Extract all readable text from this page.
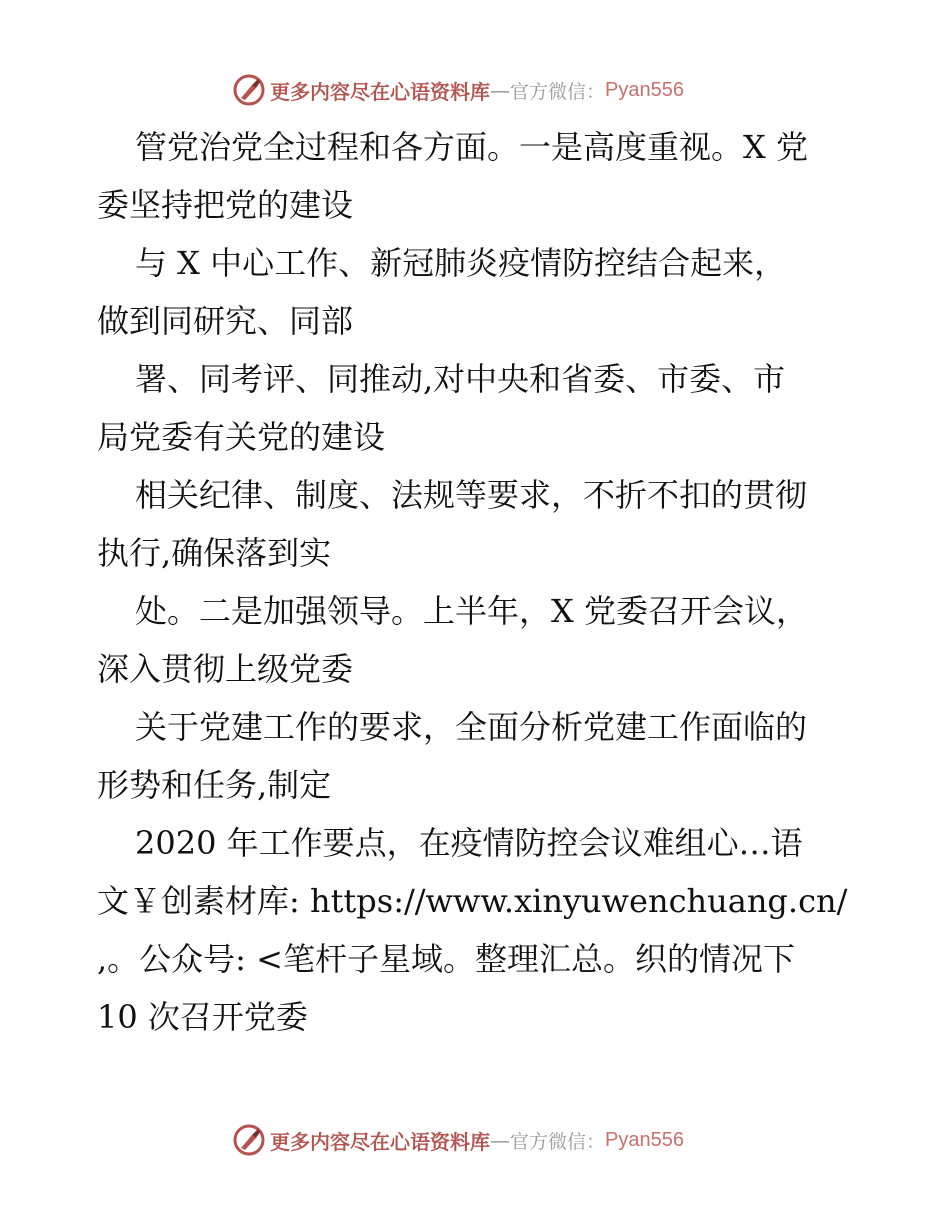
更多内容尽在心语资料库 — 官方微信： Pyan556
管党治党全过程和各方面。一是高度重视。X 党
委坚持把党的建设
与 X 中心工作、新冠肺炎疫情防控结合起来，
做到同研究、同部
署、同考评、同推动,对中央和省委、市委、市
局党委有关党的建设
相关纪律、制度、法规等要求，不折不扣的贯彻
执行,确保落到实
处。二是加强领导。上半年，X 党委召开会议，
深入贯彻上级党委
关于党建工作的要求，全面分析党建工作面临的
形势和任务,制定
2020 年工作要点，在疫情防控会议难组心…语
文￥创素材库: https://www.xinyuwenchuang.cn/
,。公众号: <笔杆子星域。整理汇总。织的情况下
10 次召开党委
更多内容尽在心语资料库 — 官方微信： Pyan556
